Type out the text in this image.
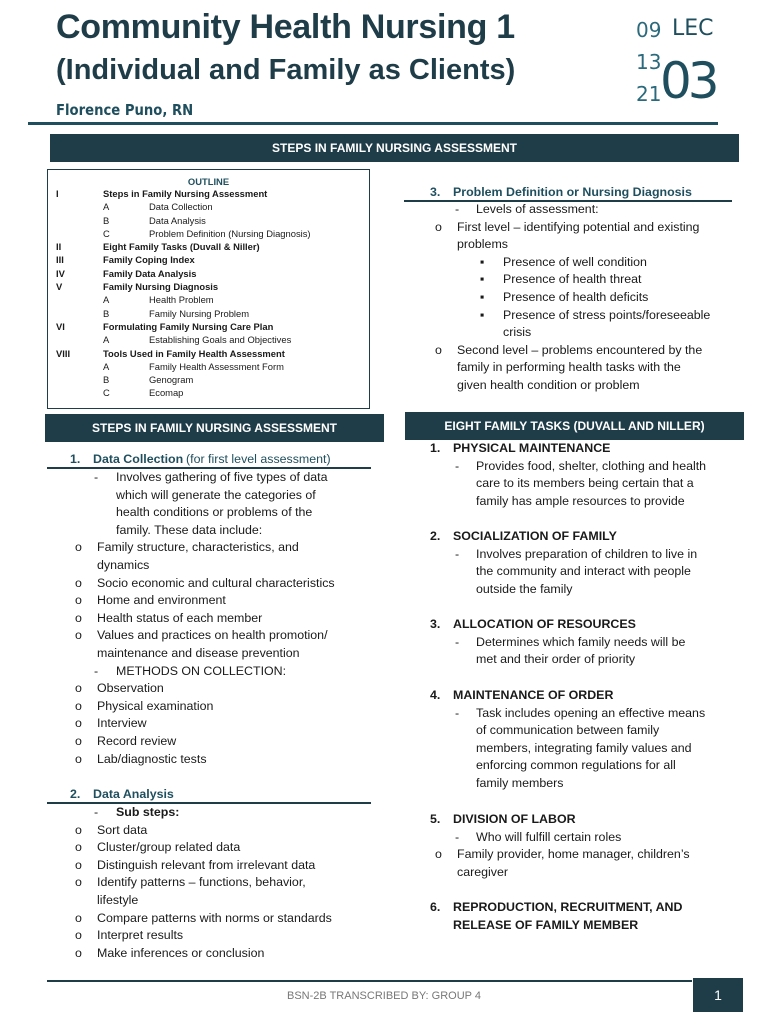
Community Health Nursing 1
(Individual and Family as Clients)
Florence Puno, RN
09
13
21
LEC
03
STEPS IN FAMILY NURSING ASSESSMENT
OUTLINE
I	Steps in Family Nursing Assessment
A	Data Collection
B	Data Analysis
C	Problem Definition (Nursing Diagnosis)
II	Eight Family Tasks (Duvall & Niller)
III	Family Coping Index
IV	Family Data Analysis
V	Family Nursing Diagnosis
A	Health Problem
B	Family Nursing Problem
VI	Formulating Family Nursing Care Plan
A	Establishing Goals and Objectives
VIII	Tools Used in Family Health Assessment
A	Family Health Assessment Form
B	Genogram
C	Ecomap
STEPS IN FAMILY NURSING ASSESSMENT
1. Data Collection (for first level assessment)
- Involves gathering of five types of data
which will generate the categories of
health conditions or problems of the
family. These data include:
o Family structure, characteristics, and
dynamics
o Socio economic and cultural characteristics
o Home and environment
o Health status of each member
o Values and practices on health promotion/
maintenance and disease prevention
- METHODS ON COLLECTION:
o Observation
o Physical examination
o Interview
o Record review
o Lab/diagnostic tests
2. Data Analysis
- Sub steps:
o Sort data
o Cluster/group related data
o Distinguish relevant from irrelevant data
o Identify patterns – functions, behavior,
lifestyle
o Compare patterns with norms or standards
o Interpret results
o Make inferences or conclusion
3. Problem Definition or Nursing Diagnosis
- Levels of assessment:
o First level – identifying potential and existing
problems
▪ Presence of well condition
▪ Presence of health threat
▪ Presence of health deficits
▪ Presence of stress points/foreseeable
crisis
o Second level – problems encountered by the
family in performing health tasks with the
given health condition or problem
1. PHYSICAL MAINTENANCE
- Provides food, shelter, clothing and health
care to its members being certain that a
family has ample resources to provide
2. SOCIALIZATION OF FAMILY
- Involves preparation of children to live in
the community and interact with people
outside the family
3. ALLOCATION OF RESOURCES
- Determines which family needs will be
met and their order of priority
4. MAINTENANCE OF ORDER
- Task includes opening an effective means
of communication between family
members, integrating family values and
enforcing common regulations for all
family members
5. DIVISION OF LABOR
- Who will fulfill certain roles
o Family provider, home manager, children’s
caregiver
6. REPRODUCTION, RECRUITMENT, AND
RELEASE OF FAMILY MEMBER
EIGHT FAMILY TASKS (DUVALL AND NILLER)
BSN-2B TRANSCRIBED BY: GROUP 4	1
